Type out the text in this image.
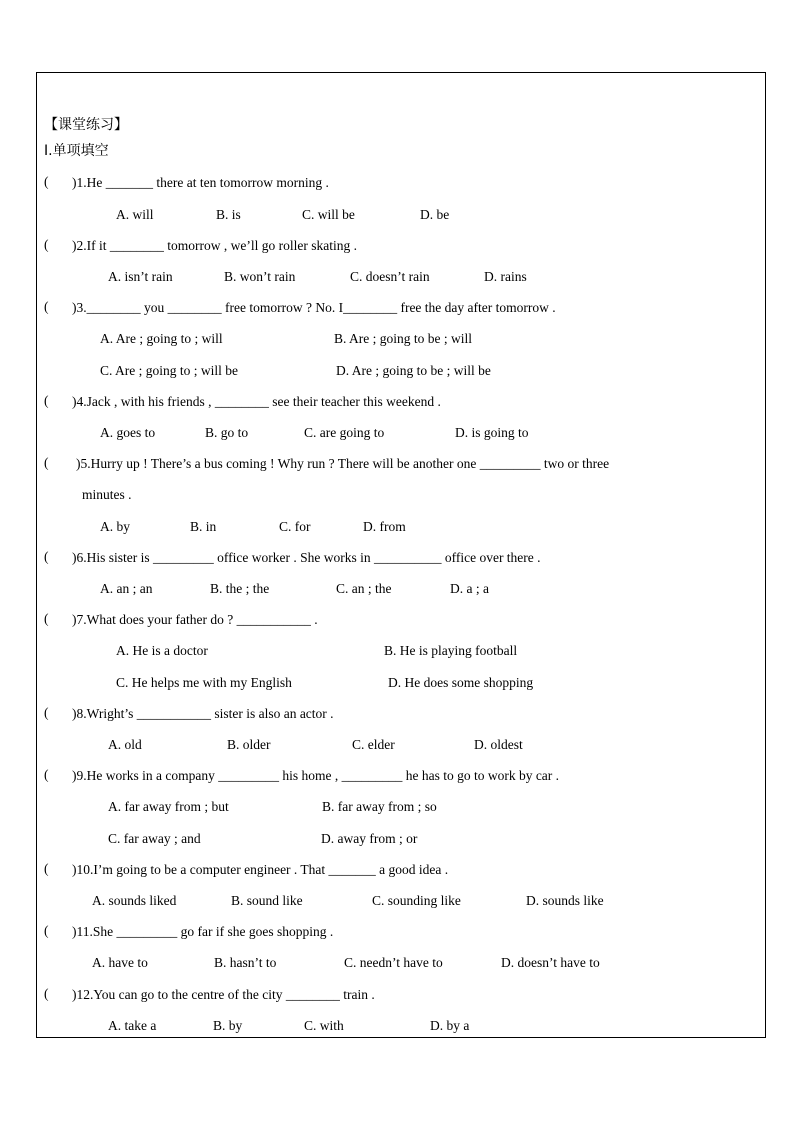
【课堂练习】
Ⅰ.单项填空
( )1.He _______ there at ten tomorrow morning .
A. will	B. is	C. will be	D. be
( )2.If it ________ tomorrow , we’ll go roller skating .
A. isn’t rain	B. won’t rain	C. doesn’t rain	D. rains
( )3.________ you ________ free tomorrow ? No. I________ free the day after tomorrow .
A. Are ; going to ; will	B. Are ; going to be ; will
C. Are ; going to ; will be	D. Are ; going to be ; will be
( )4.Jack , with his friends , ________ see their teacher this weekend .
A. goes to	B. go to	C. are going to	D. is going to
( )5.Hurry up ! There’s a bus coming ! Why run ? There will be another one _________ two or three
minutes .
A. by	B. in	C. for	D. from
( )6.His sister is _________ office worker . She works in __________ office over there .
A. an ; an	B. the ; the	C. an ; the	D. a ; a
( )7.What does your father do ? ___________ .
A. He is a doctor	B. He is playing football
C. He helps me with my English	D. He does some shopping
( )8.Wright’s ___________ sister is also an actor .
A. old	B. older	C. elder	D. oldest
( )9.He works in a company _________ his home , _________ he has to go to work by car .
A. far away from ; but	B. far away from ; so
C. far away ; and	D. away from ; or
( )10.I’m going to be a computer engineer . That _______ a good idea .
A. sounds liked	B. sound like	C. sounding like	D. sounds like
( )11.She _________ go far if she goes shopping .
A. have to	B. hasn’t to	C. needn’t have to	D. doesn’t have to
( )12.You can go to the centre of the city ________ train .
A. take a	B. by	C. with	D. by a
